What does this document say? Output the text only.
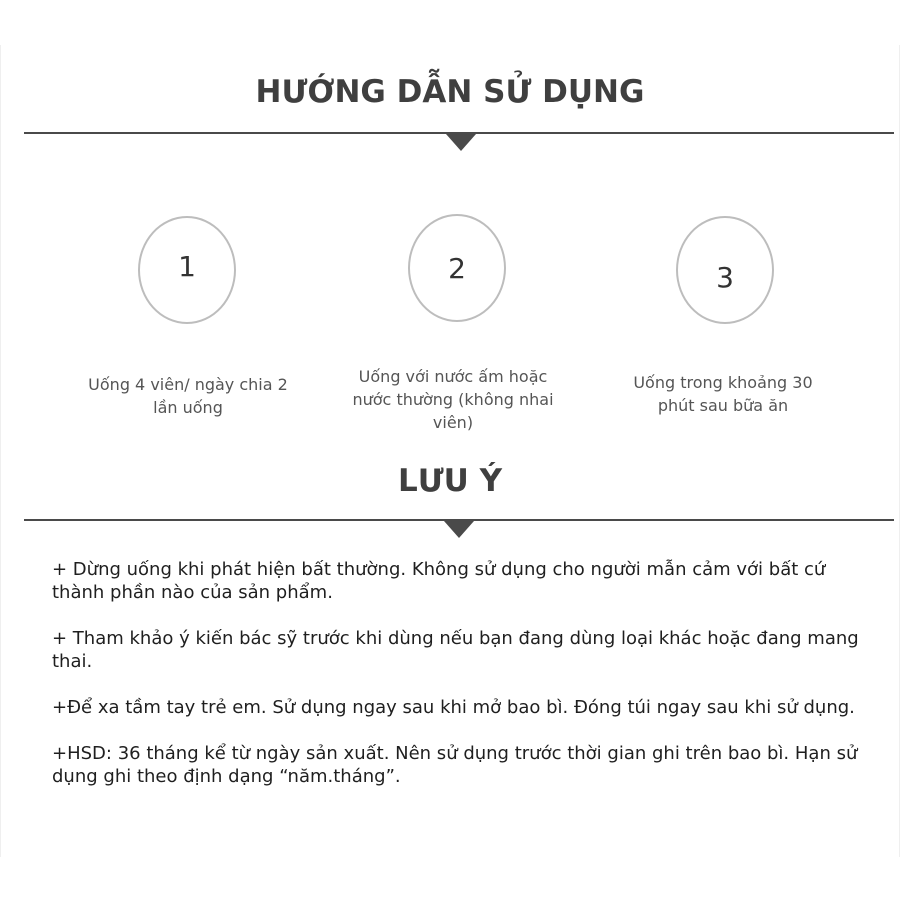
HƯỚNG DẪN SỬ DỤNG
1	2	3
Uống 4 viên/ ngày chia 2 lần uống
Uống với nước ấm hoặc nước thường (không nhai viên)
Uống trong khoảng 30 phút sau bữa ăn
LƯU Ý

+ Dừng uống khi phát hiện bất thường. Không sử dụng cho người mẫn cảm với bất cứ thành phần nào của sản phẩm.

+ Tham khảo ý kiến bác sỹ trước khi dùng nếu bạn đang dùng loại khác hoặc đang mang thai.

+Để xa tầm tay trẻ em. Sử dụng ngay sau khi mở bao bì. Đóng túi ngay sau khi sử dụng.

+HSD: 36 tháng kể từ ngày sản xuất. Nên sử dụng trước thời gian ghi trên bao bì. Hạn sử dụng ghi theo định dạng “năm.tháng”.
